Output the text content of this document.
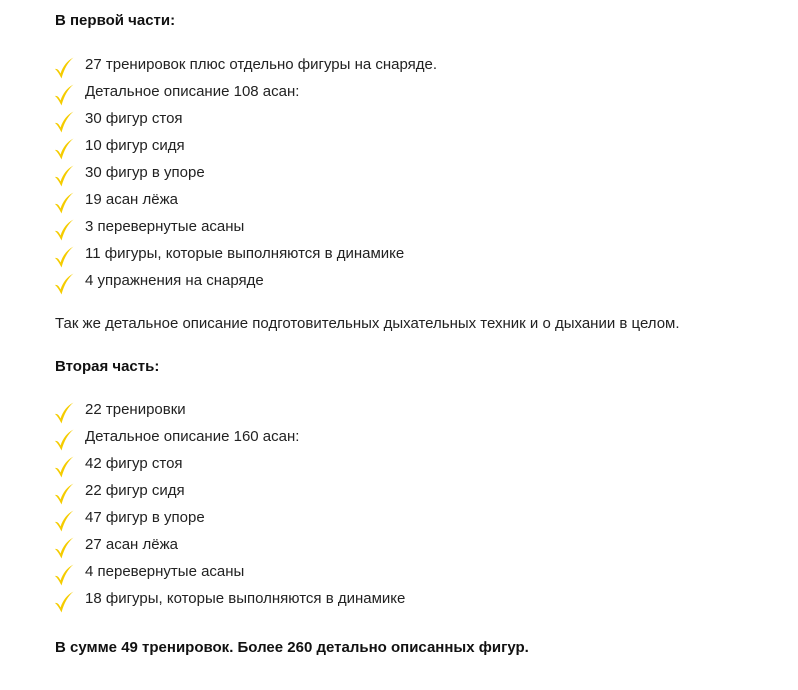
В первой части:
27 тренировок плюс отдельно фигуры на снаряде.
Детальное описание 108 асан:
30 фигур стоя
10 фигур сидя
30 фигур в упоре
19 асан лёжа
3 перевернутые асаны
11 фигуры, которые выполняются в динамике
4 упражнения на снаряде
Так же детальное описание подготовительных дыхательных техник и о дыхании в целом.
Вторая часть:
22 тренировки
Детальное описание 160 асан:
42 фигур стоя
22 фигур сидя
47 фигур в упоре
27 асан лёжа
4 перевернутые асаны
18 фигуры, которые выполняются в динамике
В сумме 49 тренировок. Более 260 детально описанных фигур.
